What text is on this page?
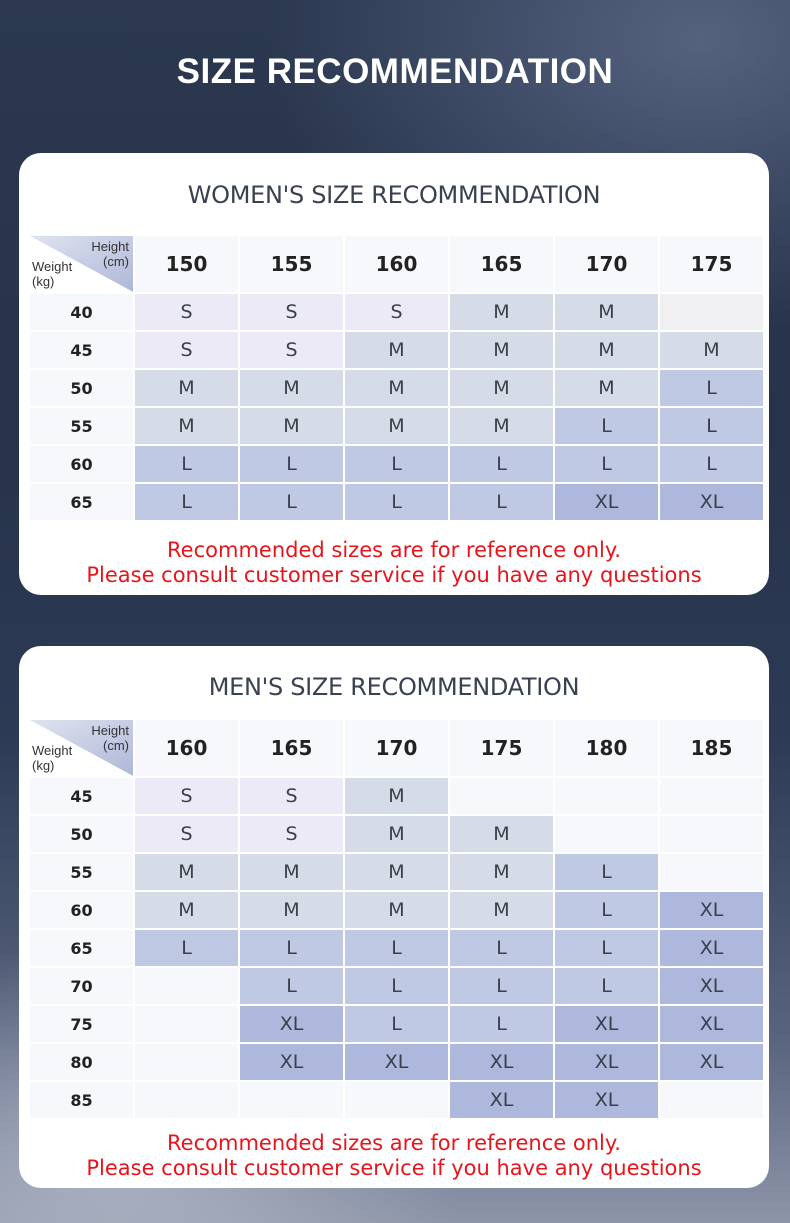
SIZE RECOMMENDATION
WOMEN'S SIZE RECOMMENDATION
Height
(cm)
Weight
(kg)	150	155	160	165	170	175
40	S	S	S	M	M	
45	S	S	M	M	M	M
50	M	M	M	M	M	L
55	M	M	M	M	L	L
60	L	L	L	L	L	L
65	L	L	L	L	XL	XL
Recommended sizes are for reference only.
Please consult customer service if you have any questions
MEN'S SIZE RECOMMENDATION
Height
(cm)
Weight
(kg)	160	165	170	175	180	185
45	S	S	M			
50	S	S	M	M		
55	M	M	M	M	L	
60	M	M	M	M	L	XL
65	L	L	L	L	L	XL
70		L	L	L	L	XL
75		XL	L	L	XL	XL
80		XL	XL	XL	XL	XL
85				XL	XL	
Recommended sizes are for reference only.
Please consult customer service if you have any questions
